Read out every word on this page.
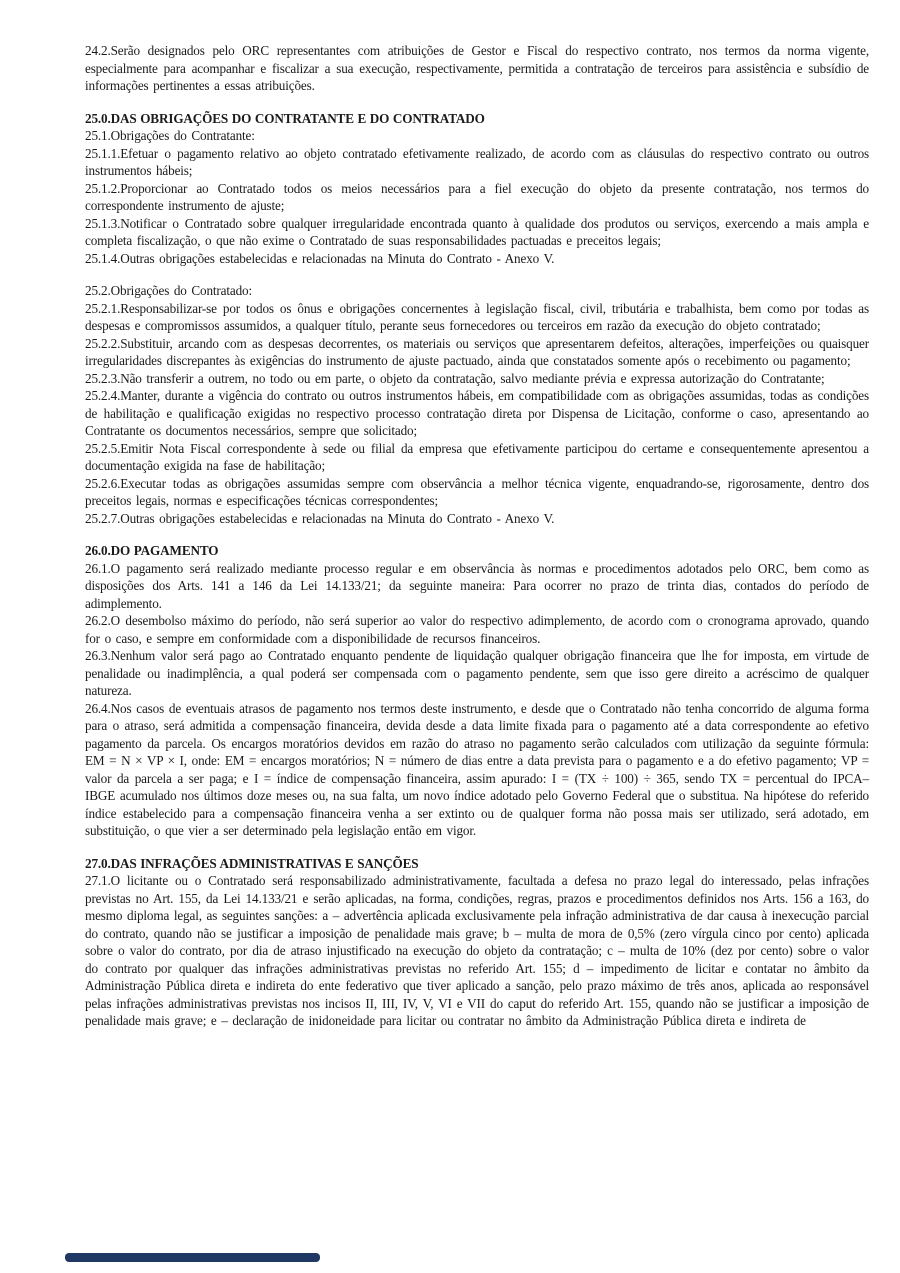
24.2.Serão designados pelo ORC representantes com atribuições de Gestor e Fiscal do respectivo contrato, nos termos da norma vigente, especialmente para acompanhar e fiscalizar a sua execução, respectivamente, permitida a contratação de terceiros para assistência e subsídio de informações pertinentes a essas atribuições.

25.0.DAS OBRIGAÇÕES DO CONTRATANTE E DO CONTRATADO

25.1.Obrigações do Contratante:

25.1.1.Efetuar o pagamento relativo ao objeto contratado efetivamente realizado, de acordo com as cláusulas do respectivo contrato ou outros instrumentos hábeis;

25.1.2.Proporcionar ao Contratado todos os meios necessários para a fiel execução do objeto da presente contratação, nos termos do correspondente instrumento de ajuste;

25.1.3.Notificar o Contratado sobre qualquer irregularidade encontrada quanto à qualidade dos produtos ou serviços, exercendo a mais ampla e completa fiscalização, o que não exime o Contratado de suas responsabilidades pactuadas e preceitos legais;

25.1.4.Outras obrigações estabelecidas e relacionadas na Minuta do Contrato - Anexo V.

25.2.Obrigações do Contratado:

25.2.1.Responsabilizar-se por todos os ônus e obrigações concernentes à legislação fiscal, civil, tributária e trabalhista, bem como por todas as despesas e compromissos assumidos, a qualquer título, perante seus fornecedores ou terceiros em razão da execução do objeto contratado;

25.2.2.Substituir, arcando com as despesas decorrentes, os materiais ou serviços que apresentarem defeitos, alterações, imperfeições ou quaisquer irregularidades discrepantes às exigências do instrumento de ajuste pactuado, ainda que constatados somente após o recebimento ou pagamento;

25.2.3.Não transferir a outrem, no todo ou em parte, o objeto da contratação, salvo mediante prévia e expressa autorização do Contratante;

25.2.4.Manter, durante a vigência do contrato ou outros instrumentos hábeis, em compatibilidade com as obrigações assumidas, todas as condições de habilitação e qualificação exigidas no respectivo processo contratação direta por Dispensa de Licitação, conforme o caso, apresentando ao Contratante os documentos necessários, sempre que solicitado;

25.2.5.Emitir Nota Fiscal correspondente à sede ou filial da empresa que efetivamente participou do certame e consequentemente apresentou a documentação exigida na fase de habilitação;

25.2.6.Executar todas as obrigações assumidas sempre com observância a melhor técnica vigente, enquadrando-se, rigorosamente, dentro dos preceitos legais, normas e especificações técnicas correspondentes;

25.2.7.Outras obrigações estabelecidas e relacionadas na Minuta do Contrato - Anexo V.

26.0.DO PAGAMENTO

26.1.O pagamento será realizado mediante processo regular e em observância às normas e procedimentos adotados pelo ORC, bem como as disposições dos Arts. 141 a 146 da Lei 14.133/21; da seguinte maneira: Para ocorrer no prazo de trinta dias, contados do período de adimplemento.

26.2.O desembolso máximo do período, não será superior ao valor do respectivo adimplemento, de acordo com o cronograma aprovado, quando for o caso, e sempre em conformidade com a disponibilidade de recursos financeiros.

26.3.Nenhum valor será pago ao Contratado enquanto pendente de liquidação qualquer obrigação financeira que lhe for imposta, em virtude de penalidade ou inadimplência, a qual poderá ser compensada com o pagamento pendente, sem que isso gere direito a acréscimo de qualquer natureza.

26.4.Nos casos de eventuais atrasos de pagamento nos termos deste instrumento, e desde que o Contratado não tenha concorrido de alguma forma para o atraso, será admitida a compensação financeira, devida desde a data limite fixada para o pagamento até a data correspondente ao efetivo pagamento da parcela. Os encargos moratórios devidos em razão do atraso no pagamento serão calculados com utilização da seguinte fórmula: EM = N × VP × I, onde: EM = encargos moratórios; N = número de dias entre a data prevista para o pagamento e a do efetivo pagamento; VP = valor da parcela a ser paga; e I = índice de compensação financeira, assim apurado: I = (TX ÷ 100) ÷ 365, sendo TX = percentual do IPCA–IBGE acumulado nos últimos doze meses ou, na sua falta, um novo índice adotado pelo Governo Federal que o substitua. Na hipótese do referido índice estabelecido para a compensação financeira venha a ser extinto ou de qualquer forma não possa mais ser utilizado, será adotado, em substituição, o que vier a ser determinado pela legislação então em vigor.

27.0.DAS INFRAÇÕES ADMINISTRATIVAS E SANÇÕES

27.1.O licitante ou o Contratado será responsabilizado administrativamente, facultada a defesa no prazo legal do interessado, pelas infrações previstas no Art. 155, da Lei 14.133/21 e serão aplicadas, na forma, condições, regras, prazos e procedimentos definidos nos Arts. 156 a 163, do mesmo diploma legal, as seguintes sanções: a – advertência aplicada exclusivamente pela infração administrativa de dar causa à inexecução parcial do contrato, quando não se justificar a imposição de penalidade mais grave; b – multa de mora de 0,5% (zero vírgula cinco por cento) aplicada sobre o valor do contrato, por dia de atraso injustificado na execução do objeto da contratação; c – multa de 10% (dez por cento) sobre o valor do contrato por qualquer das infrações administrativas previstas no referido Art. 155; d – impedimento de licitar e contatar no âmbito da Administração Pública direta e indireta do ente federativo que tiver aplicado a sanção, pelo prazo máximo de três anos, aplicada ao responsável pelas infrações administrativas previstas nos incisos II, III, IV, V, VI e VII do caput do referido Art. 155, quando não se justificar a imposição de penalidade mais grave; e – declaração de inidoneidade para licitar ou contratar no âmbito da Administração Pública direta e indireta de
